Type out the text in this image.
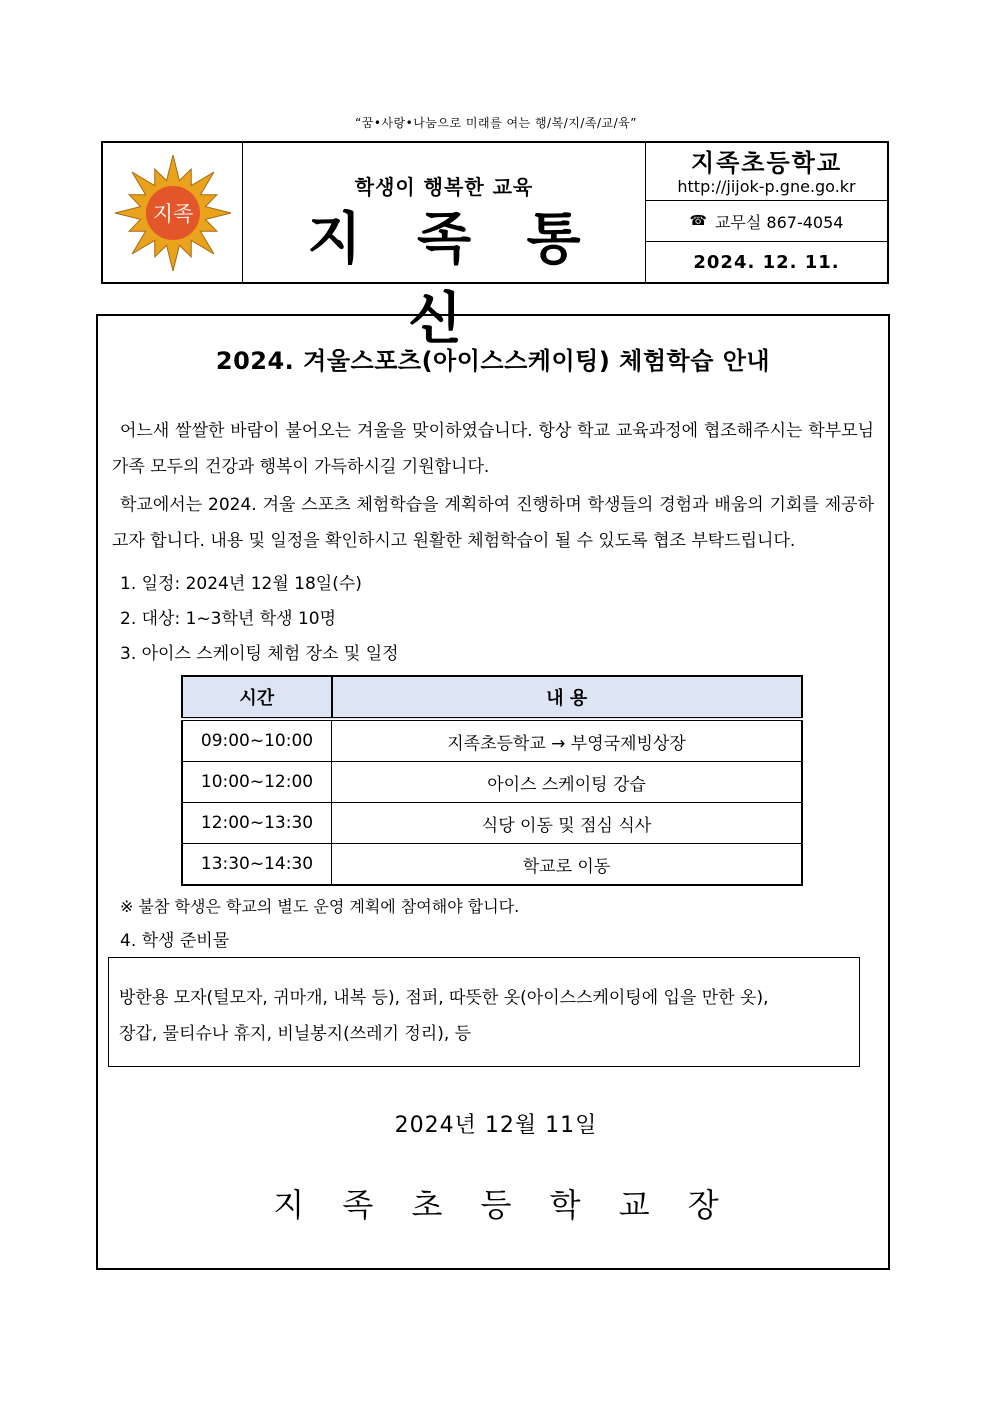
“꿈•사랑•나눔으로 미래를 여는 행/복/지/족/교/육”
지족
학생이 행복한 교육
지 족 통 신
지족초등학교
http://jijok-p.gne.go.kr
☎ 교무실 867-4054
2024. 12. 11.
2024. 겨울스포츠(아이스스케이팅) 체험학습 안내

어느새 쌀쌀한 바람이 불어오는 겨울을 맞이하였습니다. 항상 학교 교육과정에 협조해주시는 학부모님 가족 모두의 건강과 행복이 가득하시길 기원합니다.

학교에서는 2024. 겨울 스포츠 체험학습을 계획하여 진행하며 학생들의 경험과 배움의 기회를 제공하고자 합니다. 내용 및 일정을 확인하시고 원활한 체험학습이 될 수 있도록 협조 부탁드립니다.

1. 일정: 2024년 12월 18일(수)
2. 대상: 1~3학년 학생 10명
3. 아이스 스케이팅 체험 장소 및 일정
시간	내 용
09:00~10:00	지족초등학교 → 부영국제빙상장
10:00~12:00	아이스 스케이팅 강습
12:00~13:30	식당 이동 및 점심 식사
13:30~14:30	학교로 이동
※ 불참 학생은 학교의 별도 운영 계획에 참여해야 합니다.
4. 학생 준비물

방한용 모자(털모자, 귀마개, 내복 등), 점퍼, 따뜻한 옷(아이스스케이팅에 입을 만한 옷),

장갑, 물티슈나 휴지, 비닐봉지(쓰레기 정리), 등

2024년 12월 11일
지 족 초 등 학 교 장
